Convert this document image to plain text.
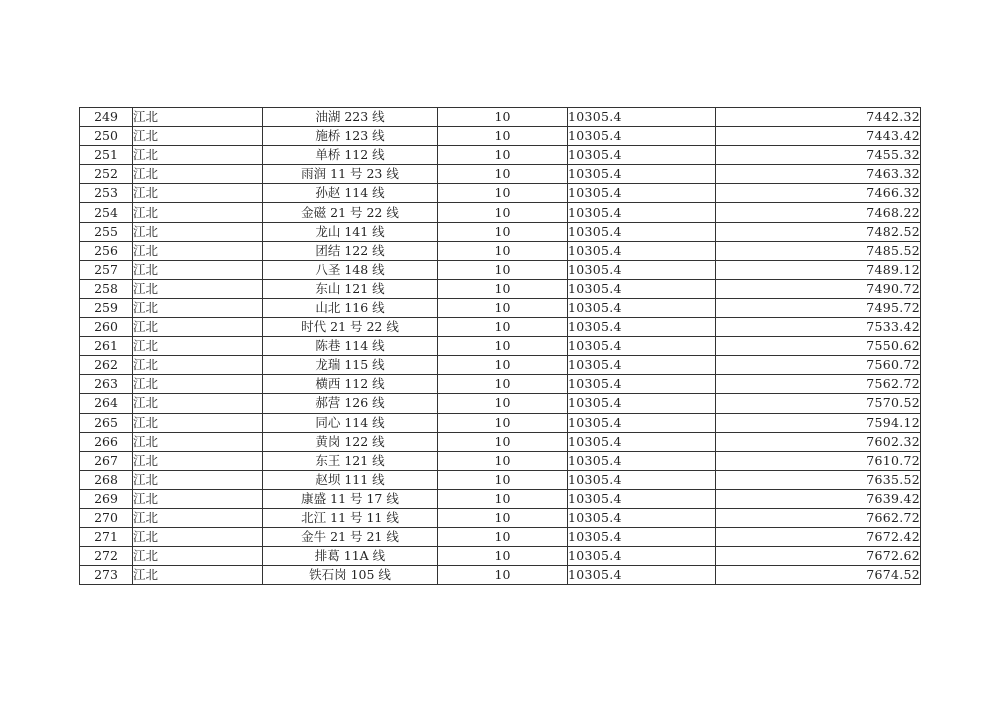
249	江北	油湖 223 线	10	10305.4	7442.32
250	江北	施桥 123 线	10	10305.4	7443.42
251	江北	单桥 112 线	10	10305.4	7455.32
252	江北	雨润 11 号 23 线	10	10305.4	7463.32
253	江北	孙赵 114 线	10	10305.4	7466.32
254	江北	金磁 21 号 22 线	10	10305.4	7468.22
255	江北	龙山 141 线	10	10305.4	7482.52
256	江北	团结 122 线	10	10305.4	7485.52
257	江北	八圣 148 线	10	10305.4	7489.12
258	江北	东山 121 线	10	10305.4	7490.72
259	江北	山北 116 线	10	10305.4	7495.72
260	江北	时代 21 号 22 线	10	10305.4	7533.42
261	江北	陈巷 114 线	10	10305.4	7550.62
262	江北	龙瑞 115 线	10	10305.4	7560.72
263	江北	横西 112 线	10	10305.4	7562.72
264	江北	郝营 126 线	10	10305.4	7570.52
265	江北	同心 114 线	10	10305.4	7594.12
266	江北	黄岗 122 线	10	10305.4	7602.32
267	江北	东王 121 线	10	10305.4	7610.72
268	江北	赵坝 111 线	10	10305.4	7635.52
269	江北	康盛 11 号 17 线	10	10305.4	7639.42
270	江北	北江 11 号 11 线	10	10305.4	7662.72
271	江北	金牛 21 号 21 线	10	10305.4	7672.42
272	江北	排葛 11A 线	10	10305.4	7672.62
273	江北	铁石岗 105 线	10	10305.4	7674.52
